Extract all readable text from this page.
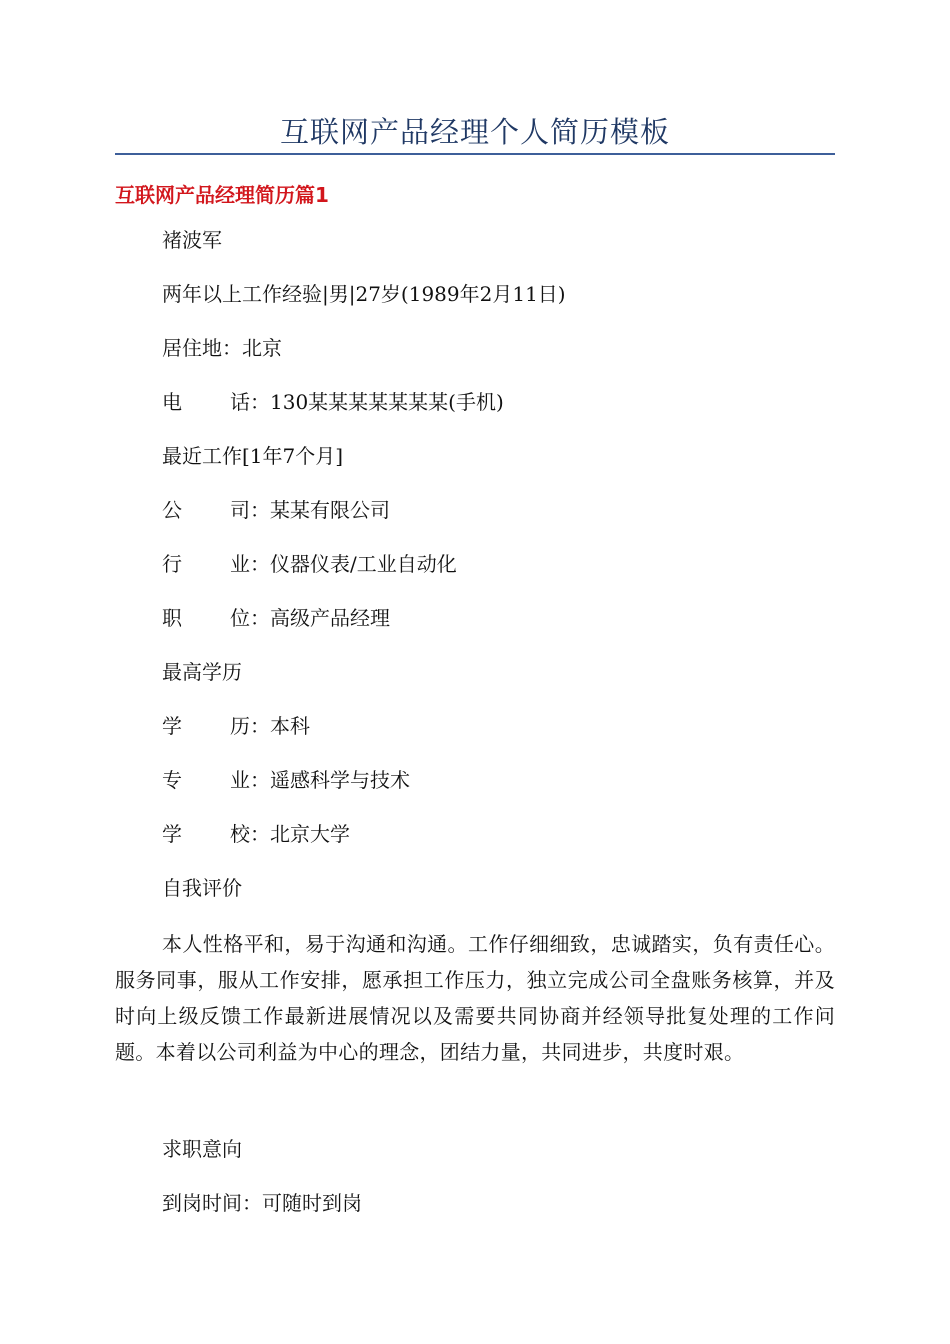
互联网产品经理个人简历模板
互联网产品经理简历篇1
褚波军
两年以上工作经验|男|27岁(1989年2月11日)
居住地：北京
电话：130某某某某某某某(手机)
最近工作[1年7个月]
公司：某某有限公司
行业：仪器仪表/工业自动化
职位：高级产品经理
最高学历
学历：本科
专业：遥感科学与技术
学校：北京大学
自我评价
本人性格平和，易于沟通和沟通。工作仔细细致，忠诚踏实，负有责任心。服务同事，服从工作安排，愿承担工作压力，独立完成公司全盘账务核算，并及时向上级反馈工作最新进展情况以及需要共同协商并经领导批复处理的工作问题。本着以公司利益为中心的理念，团结力量，共同进步，共度时艰。
求职意向
到岗时间：可随时到岗
